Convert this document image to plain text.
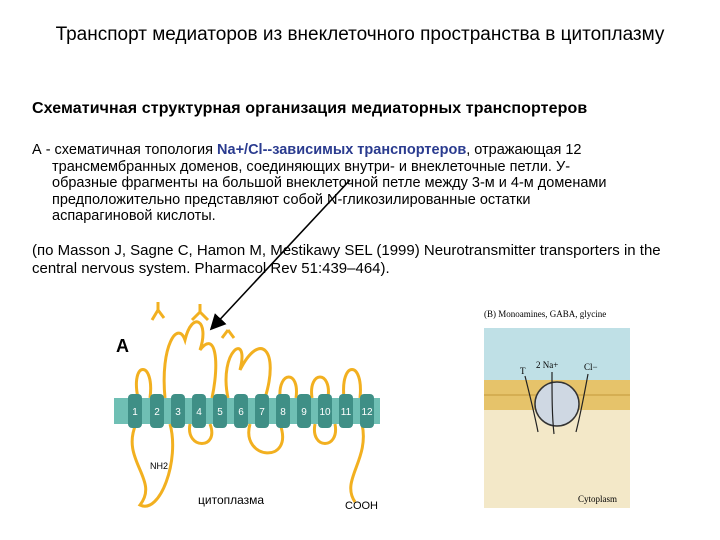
Транспорт медиаторов из внеклеточного пространства в цитоплазму
Схематичная структурная организация медиаторных транспортеров
А - схематичная топология Na+/Cl--зависимых транспортеров, отражающая 12
трансмембранных доменов, соединяющих внутри- и внеклеточные петли. У-
образные фрагменты на большой внеклеточной петле между 3-м и 4-м доменами
предположительно представляют собой N-гликозилированные остатки
аспарагиновой кислоты.
(по Masson J, Sagne C, Hamon M, Mestikawy SEL (1999) Neurotransmitter transporters in the central nervous system. Pharmacol Rev 51:439–464).
1 2 3 4 5 6 7 8 9 10 11 12
А
NH2
цитоплазма	COOH
T
2 Na+	Cl−
Cytoplasm
(B) Monoamines, GABA, glycine
